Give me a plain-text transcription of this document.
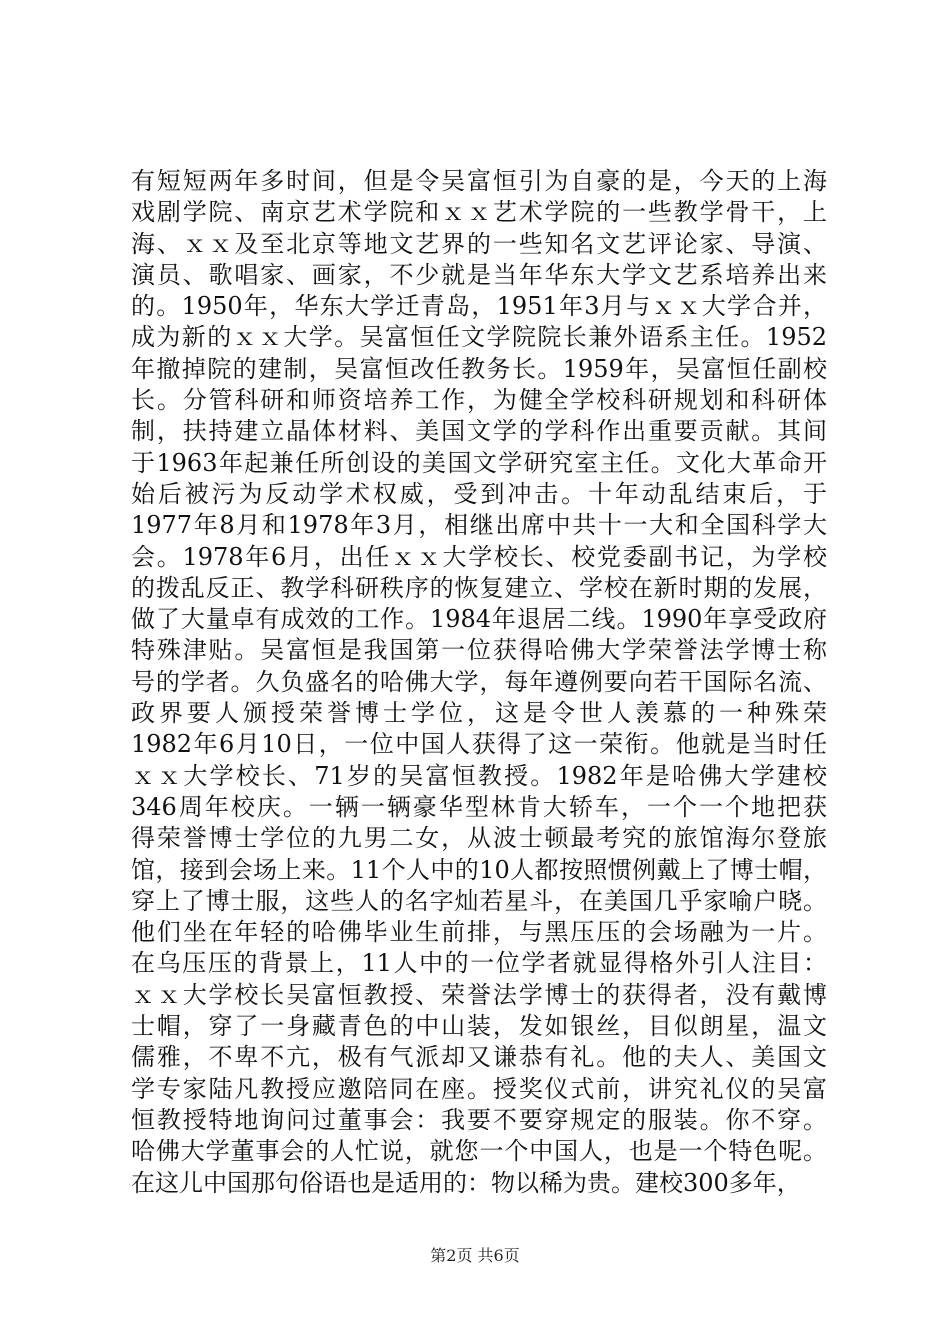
有短短两年多时间，但是令吴富恒引为自豪的是，今天的上海
戏剧学院、南京艺术学院和ｘｘ艺术学院的一些教学骨干，上
海、ｘｘ及至北京等地文艺界的一些知名文艺评论家、导演、
演员、歌唱家、画家，不少就是当年华东大学文艺系培养出来
的。1950年，华东大学迁青岛，1951年3月与ｘｘ大学合并，
成为新的ｘｘ大学。吴富恒任文学院院长兼外语系主任。1952
年撤掉院的建制，吴富恒改任教务长。1959年，吴富恒任副校
长。分管科研和师资培养工作，为健全学校科研规划和科研体
制，扶持建立晶体材料、美国文学的学科作出重要贡献。其间
于1963年起兼任所创设的美国文学研究室主任。文化大革命开
始后被污为反动学术权威，受到冲击。十年动乱结束后，于
1977年8月和1978年3月，相继出席中共十一大和全国科学大
会。1978年6月，出任ｘｘ大学校长、校党委副书记，为学校
的拨乱反正、教学科研秩序的恢复建立、学校在新时期的发展，
做了大量卓有成效的工作。1984年退居二线。1990年享受政府
特殊津贴。吴富恒是我国第一位获得哈佛大学荣誉法学博士称
号的学者。久负盛名的哈佛大学，每年遵例要向若干国际名流、
政界要人颁授荣誉博士学位，这是令世人羡慕的一种殊荣
1982年6月10日，一位中国人获得了这一荣衔。他就是当时任
ｘｘ大学校长、71岁的吴富恒教授。1982年是哈佛大学建校
346周年校庆。一辆一辆豪华型林肯大轿车，一个一个地把获
得荣誉博士学位的九男二女，从波士顿最考究的旅馆海尔登旅
馆，接到会场上来。11个人中的10人都按照惯例戴上了博士帽，
穿上了博士服，这些人的名字灿若星斗，在美国几乎家喻户晓。
他们坐在年轻的哈佛毕业生前排，与黑压压的会场融为一片。
在乌压压的背景上，11人中的一位学者就显得格外引人注目：
ｘｘ大学校长吴富恒教授、荣誉法学博士的获得者，没有戴博
士帽，穿了一身藏青色的中山装，发如银丝，目似朗星，温文
儒雅，不卑不亢，极有气派却又谦恭有礼。他的夫人、美国文
学专家陆凡教授应邀陪同在座。授奖仪式前，讲究礼仪的吴富
恒教授特地询问过董事会：我要不要穿规定的服装。你不穿。
哈佛大学董事会的人忙说，就您一个中国人，也是一个特色呢。
在这儿中国那句俗语也是适用的：物以稀为贵。建校300多年，
第2页 共6页
